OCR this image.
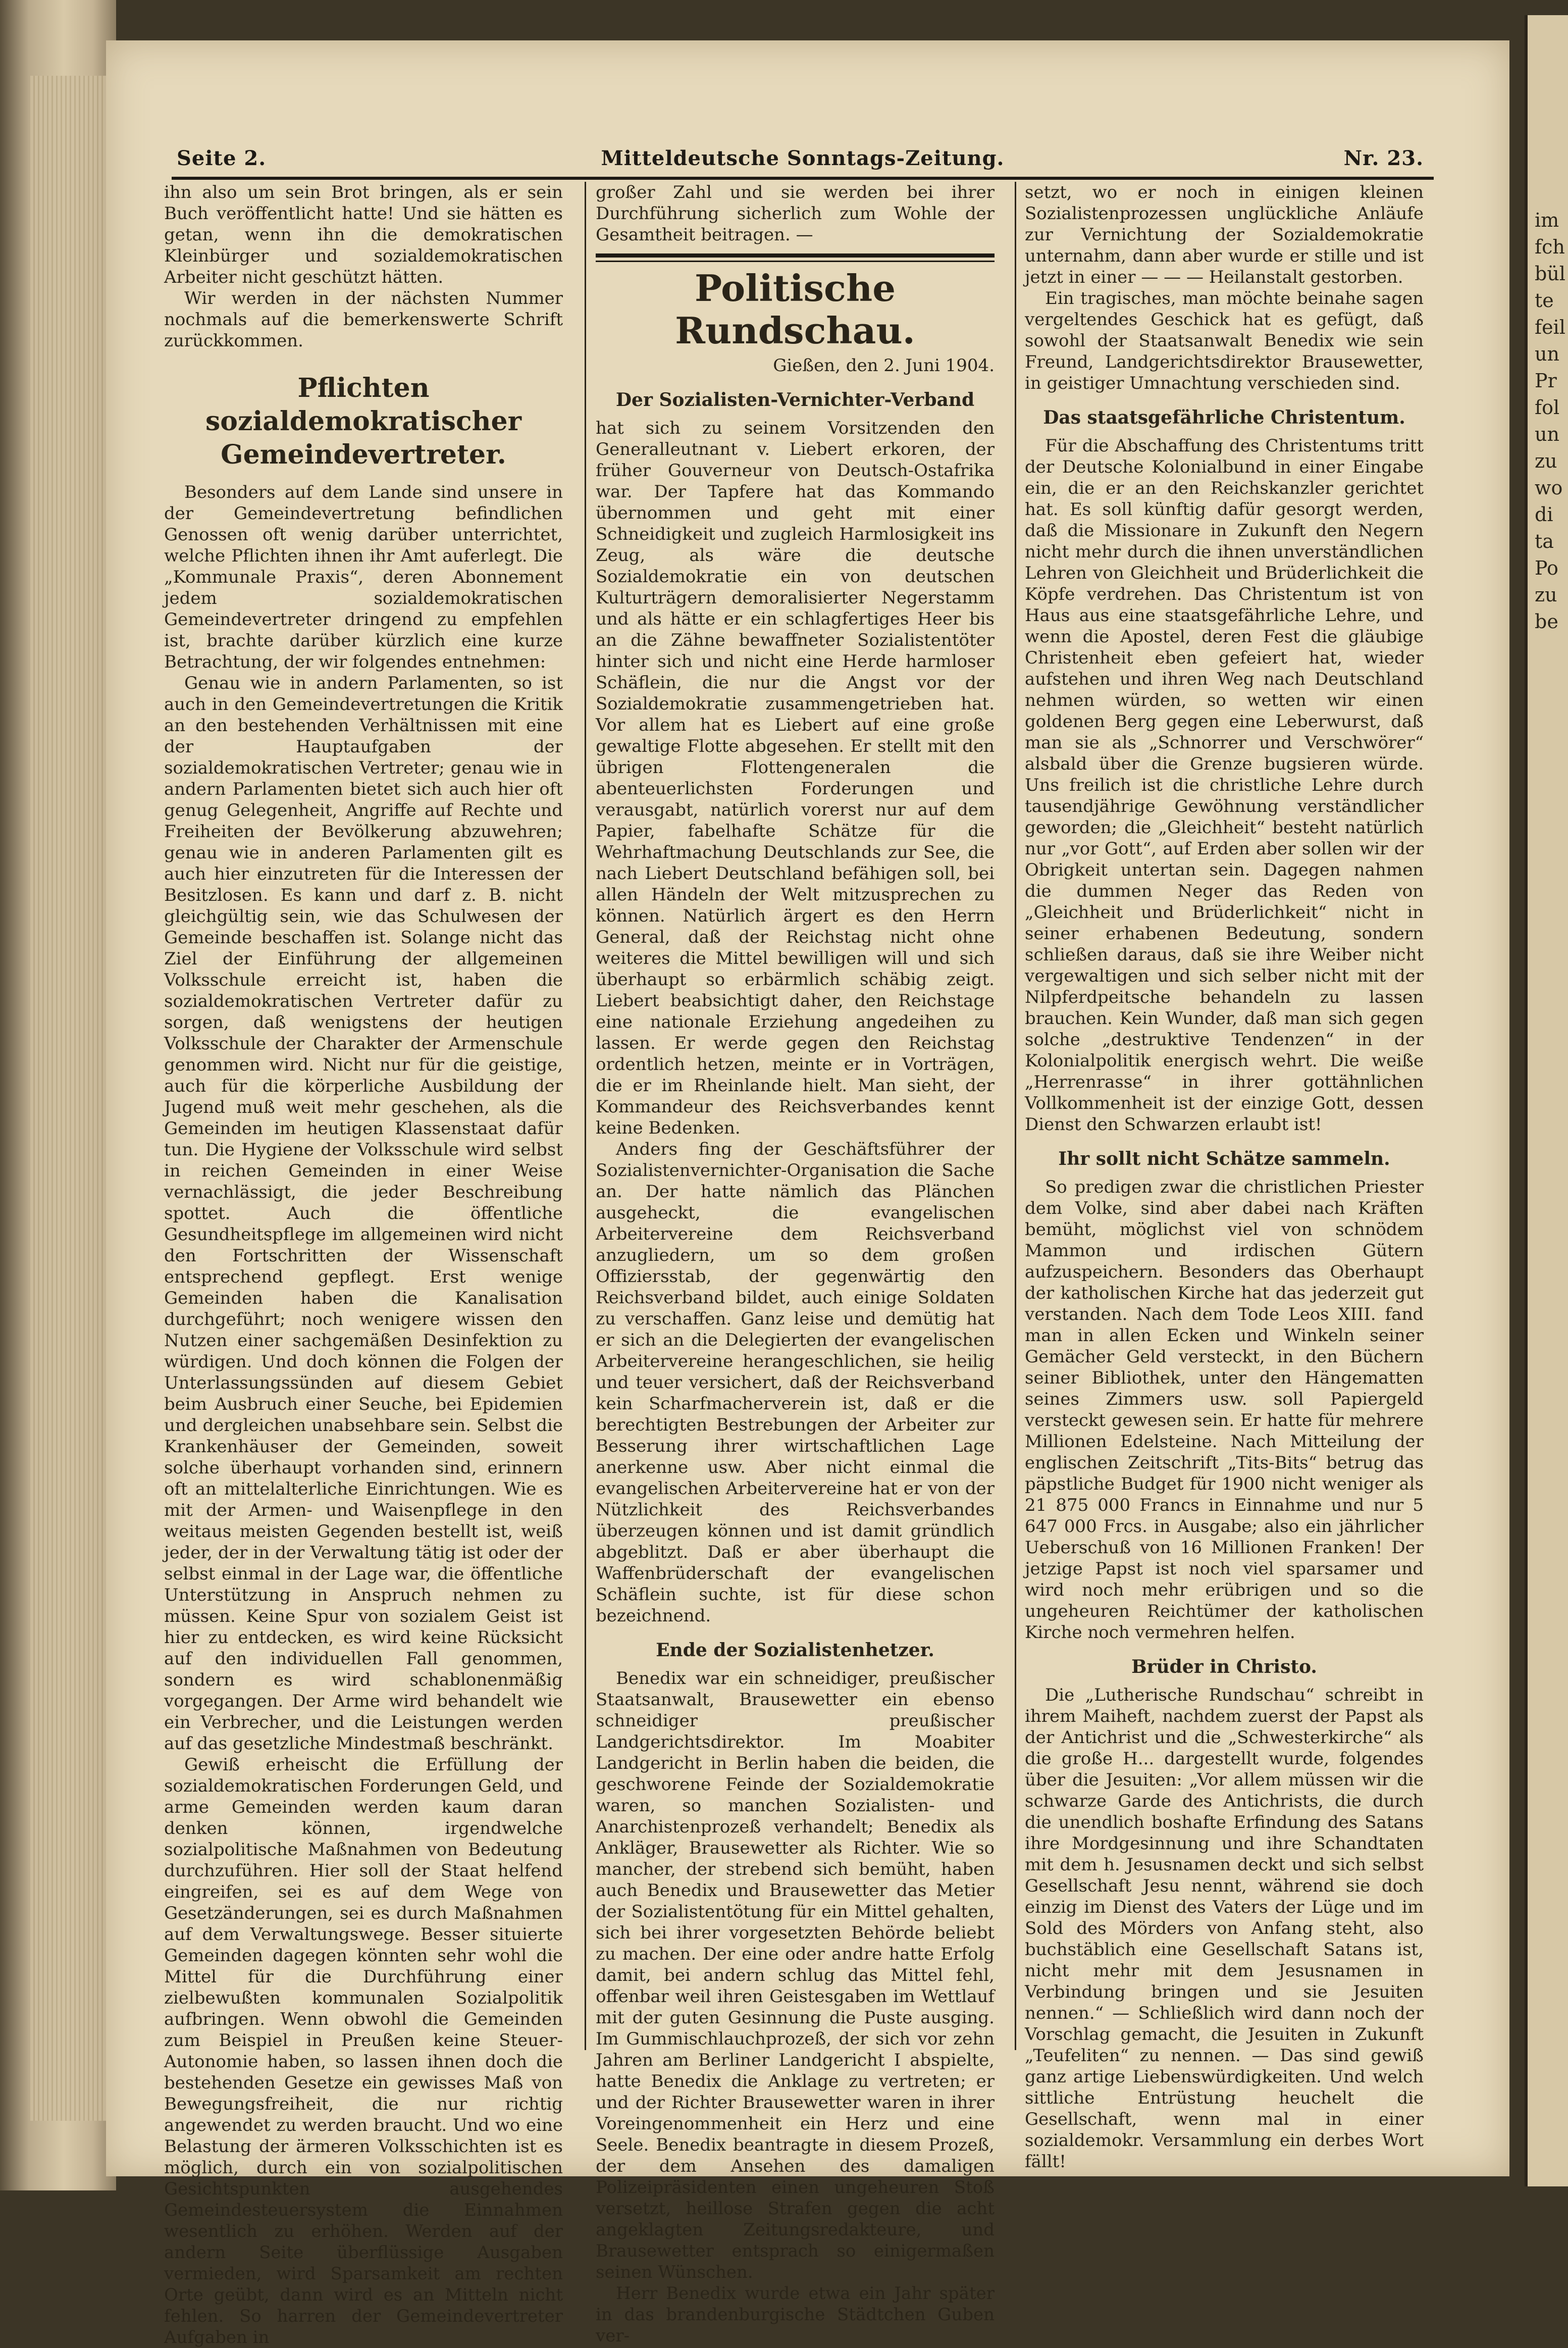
im
fch
bül
te
feil
un
Pr
fol
un
zu
wo
di
ta
Po
zu
be
Seite 2.	Mitteldeutsche Sonntags-Zeitung.	Nr. 23.

ihn also um sein Brot bringen, als er sein Buch veröffentlicht hatte! Und sie hätten es getan, wenn ihn die demokratischen Kleinbürger und sozialdemokratischen Arbeiter nicht geschützt hätten.

Wir werden in der nächsten Nummer nochmals auf die bemerkenswerte Schrift zurückkommen.

Pflichten sozialdemokratischer Gemeindevertreter.

Besonders auf dem Lande sind unsere in der Gemeindevertretung befindlichen Genossen oft wenig darüber unterrichtet, welche Pflichten ihnen ihr Amt auferlegt. Die „Kommunale Praxis“, deren Abonnement jedem sozialdemokratischen Gemeindevertreter dringend zu empfehlen ist, brachte darüber kürzlich eine kurze Betrachtung, der wir folgendes entnehmen:

Genau wie in andern Parlamenten, so ist auch in den Gemeindevertretungen die Kritik an den bestehenden Verhältnissen mit eine der Hauptaufgaben der sozialdemokratischen Vertreter; genau wie in andern Parlamenten bietet sich auch hier oft genug Gelegenheit, Angriffe auf Rechte und Freiheiten der Bevölkerung abzuwehren; genau wie in anderen Parlamenten gilt es auch hier einzutreten für die Interessen der Besitzlosen. Es kann und darf z. B. nicht gleichgültig sein, wie das Schulwesen der Gemeinde beschaffen ist. Solange nicht das Ziel der Einführung der allgemeinen Volksschule erreicht ist, haben die sozialdemokratischen Vertreter dafür zu sorgen, daß wenigstens der heutigen Volksschule der Charakter der Armenschule genommen wird. Nicht nur für die geistige, auch für die körperliche Ausbildung der Jugend muß weit mehr geschehen, als die Gemeinden im heutigen Klassenstaat dafür tun. Die Hygiene der Volksschule wird selbst in reichen Gemeinden in einer Weise vernachlässigt, die jeder Beschreibung spottet. Auch die öffentliche Gesundheitspflege im allgemeinen wird nicht den Fortschritten der Wissenschaft entsprechend gepflegt. Erst wenige Gemeinden haben die Kanalisation durchgeführt; noch wenigere wissen den Nutzen einer sachgemäßen Desinfektion zu würdigen. Und doch können die Folgen der Unterlassungssünden auf diesem Gebiet beim Ausbruch einer Seuche, bei Epidemien und dergleichen unabsehbare sein. Selbst die Krankenhäuser der Gemeinden, soweit solche überhaupt vorhanden sind, erinnern oft an mittelalterliche Einrichtungen. Wie es mit der Armen- und Waisenpflege in den weitaus meisten Gegenden bestellt ist, weiß jeder, der in der Verwaltung tätig ist oder der selbst einmal in der Lage war, die öffentliche Unterstützung in Anspruch nehmen zu müssen. Keine Spur von sozialem Geist ist hier zu entdecken, es wird keine Rücksicht auf den individuellen Fall genommen, sondern es wird schablonenmäßig vorgegangen. Der Arme wird behandelt wie ein Verbrecher, und die Leistungen werden auf das gesetzliche Mindestmaß beschränkt.

Gewiß erheischt die Erfüllung der sozialdemokratischen Forderungen Geld, und arme Gemeinden werden kaum daran denken können, irgendwelche sozialpolitische Maßnahmen von Bedeutung durchzuführen. Hier soll der Staat helfend eingreifen, sei es auf dem Wege von Gesetzänderungen, sei es durch Maßnahmen auf dem Verwaltungswege. Besser situierte Gemeinden dagegen könnten sehr wohl die Mittel für die Durchführung einer zielbewußten kommunalen Sozialpolitik aufbringen. Wenn obwohl die Gemeinden zum Beispiel in Preußen keine Steuer-Autonomie haben, so lassen ihnen doch die bestehenden Gesetze ein gewisses Maß von Bewegungsfreiheit, die nur richtig angewendet zu werden braucht. Und wo eine Belastung der ärmeren Volksschichten ist es möglich, durch ein von sozialpolitischen Gesichtspunkten ausgehendes Gemeindesteuersystem die Einnahmen wesentlich zu erhöhen. Werden auf der andern Seite überflüssige Ausgaben vermieden, wird Sparsamkeit am rechten Orte geübt, dann wird es an Mitteln nicht fehlen. So harren der Gemeindevertreter Aufgaben in

großer Zahl und sie werden bei ihrer Durchführung sicherlich zum Wohle der Gesamtheit beitragen. —

Politische Rundschau.
Gießen, den 2. Juni 1904.
Der Sozialisten-Vernichter-Verband

hat sich zu seinem Vorsitzenden den Generalleutnant v. Liebert erkoren, der früher Gouverneur von Deutsch-Ostafrika war. Der Tapfere hat das Kommando übernommen und geht mit einer Schneidigkeit und zugleich Harmlosigkeit ins Zeug, als wäre die deutsche Sozialdemokratie ein von deutschen Kulturträgern demoralisierter Negerstamm und als hätte er ein schlagfertiges Heer bis an die Zähne bewaffneter Sozialistentöter hinter sich und nicht eine Herde harmloser Schäflein, die nur die Angst vor der Sozialdemokratie zusammengetrieben hat. Vor allem hat es Liebert auf eine große gewaltige Flotte abgesehen. Er stellt mit den übrigen Flottengeneralen die abenteuerlichsten Forderungen und verausgabt, natürlich vorerst nur auf dem Papier, fabelhafte Schätze für die Wehrhaftmachung Deutschlands zur See, die nach Liebert Deutschland befähigen soll, bei allen Händeln der Welt mitzusprechen zu können. Natürlich ärgert es den Herrn General, daß der Reichstag nicht ohne weiteres die Mittel bewilligen will und sich überhaupt so erbärmlich schäbig zeigt. Liebert beabsichtigt daher, den Reichstage eine nationale Erziehung angedeihen zu lassen. Er werde gegen den Reichstag ordentlich hetzen, meinte er in Vorträgen, die er im Rheinlande hielt. Man sieht, der Kommandeur des Reichsverbandes kennt keine Bedenken.

Anders fing der Geschäftsführer der Sozialistenvernichter-Organisation die Sache an. Der hatte nämlich das Plänchen ausgeheckt, die evangelischen Arbeitervereine dem Reichsverband anzugliedern, um so dem großen Offiziersstab, der gegenwärtig den Reichsverband bildet, auch einige Soldaten zu verschaffen. Ganz leise und demütig hat er sich an die Delegierten der evangelischen Arbeitervereine herangeschlichen, sie heilig und teuer versichert, daß der Reichsverband kein Scharfmacherverein ist, daß er die berechtigten Bestrebungen der Arbeiter zur Besserung ihrer wirtschaftlichen Lage anerkenne usw. Aber nicht einmal die evangelischen Arbeitervereine hat er von der Nützlichkeit des Reichsverbandes überzeugen können und ist damit gründlich abgeblitzt. Daß er aber überhaupt die Waffenbrüderschaft der evangelischen Schäflein suchte, ist für diese schon bezeichnend.

Ende der Sozialistenhetzer.

Benedix war ein schneidiger, preußischer Staatsanwalt, Brausewetter ein ebenso schneidiger preußischer Landgerichtsdirektor. Im Moabiter Landgericht in Berlin haben die beiden, die geschworene Feinde der Sozialdemokratie waren, so manchen Sozialisten- und Anarchistenprozeß verhandelt; Benedix als Ankläger, Brausewetter als Richter. Wie so mancher, der strebend sich bemüht, haben auch Benedix und Brausewetter das Metier der Sozialistentötung für ein Mittel gehalten, sich bei ihrer vorgesetzten Behörde beliebt zu machen. Der eine oder andre hatte Erfolg damit, bei andern schlug das Mittel fehl, offenbar weil ihren Geistesgaben im Wettlauf mit der guten Gesinnung die Puste ausging. Im Gummischlauchprozeß, der sich vor zehn Jahren am Berliner Landgericht I abspielte, hatte Benedix die Anklage zu vertreten; er und der Richter Brausewetter waren in ihrer Voreingenommenheit ein Herz und eine Seele. Benedix beantragte in diesem Prozeß, der dem Ansehen des damaligen Polizeipräsidenten einen ungeheuren Stoß versetzt, heillose Strafen gegen die acht angeklagten Zeitungsredakteure, und Brausewetter entsprach so einigermaßen seinen Wünschen.

Herr Benedix wurde etwa ein Jahr später in das brandenburgische Städtchen Guben ver-

setzt, wo er noch in einigen kleinen Sozialistenprozessen unglückliche Anläufe zur Vernichtung der Sozialdemokratie unternahm, dann aber wurde er stille und ist jetzt in einer — — — Heilanstalt gestorben.

Ein tragisches, man möchte beinahe sagen vergeltendes Geschick hat es gefügt, daß sowohl der Staatsanwalt Benedix wie sein Freund, Landgerichtsdirektor Brausewetter, in geistiger Umnachtung verschieden sind.

Das staatsgefährliche Christentum.

Für die Abschaffung des Christentums tritt der Deutsche Kolonialbund in einer Eingabe ein, die er an den Reichskanzler gerichtet hat. Es soll künftig dafür gesorgt werden, daß die Missionare in Zukunft den Negern nicht mehr durch die ihnen unverständlichen Lehren von Gleichheit und Brüderlichkeit die Köpfe verdrehen. Das Christentum ist von Haus aus eine staatsgefährliche Lehre, und wenn die Apostel, deren Fest die gläubige Christenheit eben gefeiert hat, wieder aufstehen und ihren Weg nach Deutschland nehmen würden, so wetten wir einen goldenen Berg gegen eine Leberwurst, daß man sie als „Schnorrer und Verschwörer“ alsbald über die Grenze bugsieren würde. Uns freilich ist die christliche Lehre durch tausendjährige Gewöhnung verständlicher geworden; die „Gleichheit“ besteht natürlich nur „vor Gott“, auf Erden aber sollen wir der Obrigkeit untertan sein. Dagegen nahmen die dummen Neger das Reden von „Gleichheit und Brüderlichkeit“ nicht in seiner erhabenen Bedeutung, sondern schließen daraus, daß sie ihre Weiber nicht vergewaltigen und sich selber nicht mit der Nilpferdpeitsche behandeln zu lassen brauchen. Kein Wunder, daß man sich gegen solche „destruktive Tendenzen“ in der Kolonialpolitik energisch wehrt. Die weiße „Herrenrasse“ in ihrer gottähnlichen Vollkommenheit ist der einzige Gott, dessen Dienst den Schwarzen erlaubt ist!

Ihr sollt nicht Schätze sammeln.

So predigen zwar die christlichen Priester dem Volke, sind aber dabei nach Kräften bemüht, möglichst viel von schnödem Mammon und irdischen Gütern aufzuspeichern. Besonders das Oberhaupt der katholischen Kirche hat das jederzeit gut verstanden. Nach dem Tode Leos XIII. fand man in allen Ecken und Winkeln seiner Gemächer Geld versteckt, in den Büchern seiner Bibliothek, unter den Hängematten seines Zimmers usw. soll Papiergeld versteckt gewesen sein. Er hatte für mehrere Millionen Edelsteine. Nach Mitteilung der englischen Zeitschrift „Tits-Bits“ betrug das päpstliche Budget für 1900 nicht weniger als 21 875 000 Francs in Einnahme und nur 5 647 000 Frcs. in Ausgabe; also ein jährlicher Ueberschuß von 16 Millionen Franken! Der jetzige Papst ist noch viel sparsamer und wird noch mehr erübrigen und so die ungeheuren Reichtümer der katholischen Kirche noch vermehren helfen.

Brüder in Christo.

Die „Lutherische Rundschau“ schreibt in ihrem Maiheft, nachdem zuerst der Papst als der Antichrist und die „Schwesterkirche“ als die große H... dargestellt wurde, folgendes über die Jesuiten: „Vor allem müssen wir die schwarze Garde des Antichrists, die durch die unendlich boshafte Erfindung des Satans ihre Mordgesinnung und ihre Schandtaten mit dem h. Jesusnamen deckt und sich selbst Gesellschaft Jesu nennt, während sie doch einzig im Dienst des Vaters der Lüge und im Sold des Mörders von Anfang steht, also buchstäblich eine Gesellschaft Satans ist, nicht mehr mit dem Jesusnamen in Verbindung bringen und sie Jesuiten nennen.“ — Schließlich wird dann noch der Vorschlag gemacht, die Jesuiten in Zukunft „Teufeliten“ zu nennen. — Das sind gewiß ganz artige Liebenswürdigkeiten. Und welch sittliche Entrüstung heuchelt die Gesellschaft, wenn mal in einer sozialdemokr. Versammlung ein derbes Wort fällt!
